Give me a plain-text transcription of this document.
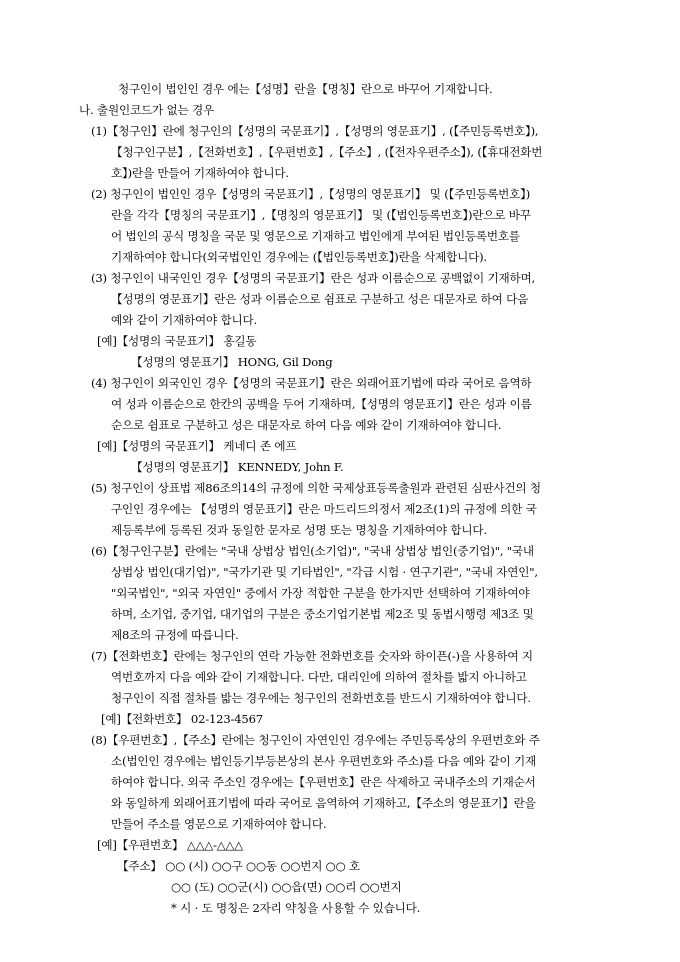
청구인이 법인인 경우 에는【성명】란을【명칭】란으로 바꾸어 기재합니다.
나. 출원인코드가 없는 경우
(1)【청구인】란에 청구인의【성명의 국문표기】,【성명의 영문표기】, (【주민등록번호】),
【청구인구분】,【전화번호】,【우편번호】,【주소】, (【전자우편주소】), (【휴대전화번
호】)란을 만들어 기재하여야 합니다.
(2) 청구인이 법인인 경우【성명의 국문표기】,【성명의 영문표기】 및 (【주민등록번호】)
란을 각각【명칭의 국문표기】,【명칭의 영문표기】 및 (【법인등록번호】)란으로 바꾸
어 법인의 공식 명칭을 국문 및 영문으로 기재하고 법인에게 부여된 법인등록번호를
기재하여야 합니다(외국법인인 경우에는 (【법인등록번호】)란을 삭제합니다).
(3) 청구인이 내국인인 경우【성명의 국문표기】란은 성과 이름순으로 공백없이 기재하며,
【성명의 영문표기】란은 성과 이름순으로 쉼표로 구분하고 성은 대문자로 하여 다음
예와 같이 기재하여야 합니다.
[예]【성명의 국문표기】 홍길동
【성명의 영문표기】 HONG, Gil Dong
(4) 청구인이 외국인인 경우【성명의 국문표기】란은 외래어표기법에 따라 국어로 음역하
여 성과 이름순으로 한칸의 공백을 두어 기재하며,【성명의 영문표기】란은 성과 이름
순으로 쉼표로 구분하고 성은 대문자로 하여 다음 예와 같이 기재하여야 합니다.
[예]【성명의 국문표기】 케네디 존 에프
【성명의 영문표기】 KENNEDY, John F.
(5) 청구인이 상표법 제86조의14의 규정에 의한 국제상표등록출원과 관련된 심판사건의 청
구인인 경우에는 【성명의 영문표기】란은 마드리드의정서 제2조(1)의 규정에 의한 국
제등록부에 등록된 것과 동일한 문자로 성명 또는 명칭을 기재하여야 합니다.
(6)【청구인구분】란에는 "국내 상법상 법인(소기업)", "국내 상법상 법인(중기업)", "국내
상법상 법인(대기업)", "국가기관 및 기타법인", "각급 시험 · 연구기관", "국내 자연인",
"외국법인", "외국 자연인" 중에서 가장 적합한 구분을 한가지만 선택하여 기재하여야
하며, 소기업, 중기업, 대기업의 구분은 중소기업기본법 제2조 및 동법시행령 제3조 및
제8조의 규정에 따릅니다.
(7)【전화번호】란에는 청구인의 연락 가능한 전화번호를 숫자와 하이픈(-)을 사용하여 지
역번호까지 다음 예와 같이 기재합니다. 다만, 대리인에 의하여 절차를 밟지 아니하고
청구인이 직접 절차를 밟는 경우에는 청구인의 전화번호를 반드시 기재하여야 합니다.
[예]【전화번호】 02-123-4567
(8)【우편번호】,【주소】란에는 청구인이 자연인인 경우에는 주민등록상의 우편번호와 주
소(법인인 경우에는 법인등기부등본상의 본사 우편번호와 주소)를 다음 예와 같이 기재
하여야 합니다. 외국 주소인 경우에는【우편번호】란은 삭제하고 국내주소의 기재순서
와 동일하게 외래어표기법에 따라 국어로 음역하여 기재하고,【주소의 영문표기】란을
만들어 주소를 영문으로 기재하여야 합니다.
[예]【우편번호】 △△△-△△△
【주소】 ○○ (시) ○○구 ○○동 ○○번지 ○○ 호
○○ (도) ○○군(시) ○○읍(면) ○○리 ○○번지
* 시 · 도 명칭은 2자리 약칭을 사용할 수 있습니다.
